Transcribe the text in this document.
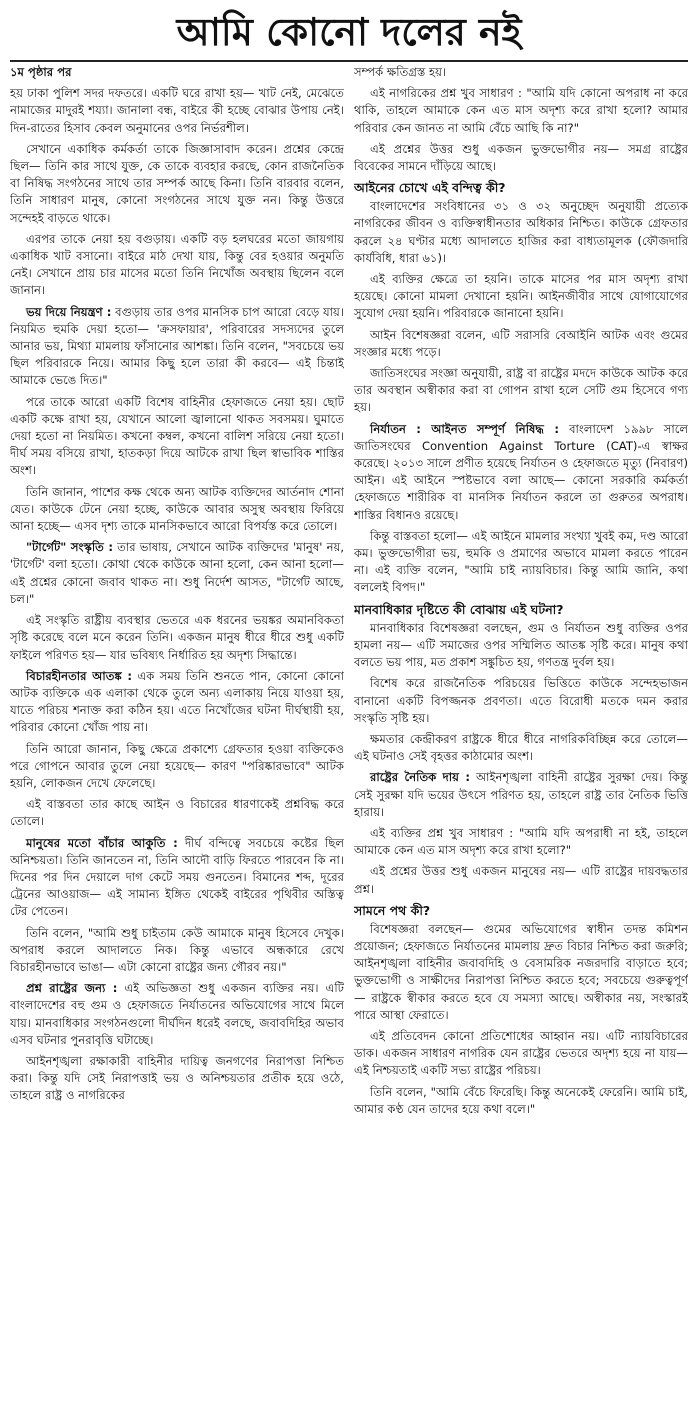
আমি কোনো দলের নই

১ম পৃষ্ঠার পর

হয় ঢাকা পুলিশ সদর দফতরে। একটি ঘরে রাখা হয়— খাট নেই, মেঝেতে নামাজের মাদুরই শয্যা। জানালা বন্ধ, বাইরে কী হচ্ছে বোঝার উপায় নেই। দিন-রাতের হিসাব কেবল অনুমানের ওপর নির্ভরশীল।

সেখানে একাধিক কর্মকর্তা তাকে জিজ্ঞাসাবাদ করেন। প্রশ্নের কেন্দ্রে ছিল— তিনি কার সাথে যুক্ত, কে তাকে ব্যবহার করছে, কোন রাজনৈতিক বা নিষিদ্ধ সংগঠনের সাথে তার সম্পর্ক আছে কিনা। তিনি বারবার বলেন, তিনি সাধারণ মানুষ, কোনো সংগঠনের সাথে যুক্ত নন। কিন্তু উত্তরে সন্দেহই বাড়তে থাকে।

এরপর তাকে নেয়া হয় বগুড়ায়। একটি বড় হলঘরের মতো জায়গায় একাধিক খাট বসানো। বাইরে মাঠ দেখা যায়, কিন্তু বের হওয়ার অনুমতি নেই। সেখানে প্রায় চার মাসের মতো তিনি নিখোঁজ অবস্থায় ছিলেন বলে জানান।

ভয় দিয়ে নিয়ন্ত্রণ : বগুড়ায় তার ওপর মানসিক চাপ আরো বেড়ে যায়। নিয়মিত হুমকি দেয়া হতো— 'ক্রসফায়ার', পরিবারের সদস্যদের তুলে আনার ভয়, মিথ্যা মামলায় ফাঁসানোর আশঙ্কা। তিনি বলেন, "সবচেয়ে ভয় ছিল পরিবারকে নিয়ে। আমার কিছু হলে তারা কী করবে— এই চিন্তাই আমাকে ভেঙে দিত।"

পরে তাকে আরো একটি বিশেষ বাহিনীর হেফাজতে নেয়া হয়। ছোট একটি কক্ষে রাখা হয়, যেখানে আলো জ্বালানো থাকত সবসময়। ঘুমাতে দেয়া হতো না নিয়মিত। কখনো কম্বল, কখনো বালিশ সরিয়ে নেয়া হতো। দীর্ঘ সময় বসিয়ে রাখা, হাতকড়া দিয়ে আটকে রাখা ছিল স্বাভাবিক শাস্তির অংশ।

তিনি জানান, পাশের কক্ষ থেকে অন্য আটক ব্যক্তিদের আর্তনাদ শোনা যেত। কাউকে টেনে নেয়া হচ্ছে, কাউকে আবার অসুস্থ অবস্থায় ফিরিয়ে আনা হচ্ছে— এসব দৃশ্য তাকে মানসিকভাবে আরো বিপর্যস্ত করে তোলে।

"টার্গেট" সংস্কৃতি : তার ভাষায়, সেখানে আটক ব্যক্তিদের 'মানুষ' নয়, 'টার্গেট' বলা হতো। কোথা থেকে কাউকে আনা হলো, কেন আনা হলো— এই প্রশ্নের কোনো জবাব থাকত না। শুধু নির্দেশ আসত, "টার্গেট আছে, চল।"

এই সংস্কৃতি রাষ্ট্রীয় ব্যবস্থার ভেতরে এক ধরনের ভয়ঙ্কর অমানবিকতা সৃষ্টি করেছে বলে মনে করেন তিনি। একজন মানুষ ধীরে ধীরে শুধু একটি ফাইলে পরিণত হয়— যার ভবিষ্যৎ নির্ধারিত হয় অদৃশ্য সিদ্ধান্তে।

বিচারহীনতার আতঙ্ক : এক সময় তিনি শুনতে পান, কোনো কোনো আটক ব্যক্তিকে এক এলাকা থেকে তুলে অন্য এলাকায় নিয়ে যাওয়া হয়, যাতে পরিচয় শনাক্ত করা কঠিন হয়। এতে নিখোঁজের ঘটনা দীর্ঘস্থায়ী হয়, পরিবার কোনো খোঁজ পায় না।

তিনি আরো জানান, কিছু ক্ষেত্রে প্রকাশ্যে গ্রেফতার হওয়া ব্যক্তিকেও পরে গোপনে আবার তুলে নেয়া হয়েছে— কারণ "পরিষ্কারভাবে" আটক হয়নি, লোকজন দেখে ফেলেছে।

এই বাস্তবতা তার কাছে আইন ও বিচারের ধারণাকেই প্রশ্নবিদ্ধ করে তোলে।

মানুষের মতো বাঁচার আকুতি : দীর্ঘ বন্দিত্বে সবচেয়ে কষ্টের ছিল অনিশ্চয়তা। তিনি জানতেন না, তিনি আদৌ বাড়ি ফিরতে পারবেন কি না। দিনের পর দিন দেয়ালে দাগ কেটে সময় গুনতেন। বিমানের শব্দ, দূরের ট্রেনের আওয়াজ— এই সামান্য ইঙ্গিত থেকেই বাইরের পৃথিবীর অস্তিত্ব টের পেতেন।

তিনি বলেন, "আমি শুধু চাইতাম কেউ আমাকে মানুষ হিসেবে দেখুক। অপরাধ করলে আদালতে নিক। কিন্তু এভাবে অন্ধকারে রেখে বিচারহীনভাবে ভাঙা— এটা কোনো রাষ্ট্রের জন্য গৌরব নয়।"

প্রশ্ন রাষ্ট্রের জন্য : এই অভিজ্ঞতা শুধু একজন ব্যক্তির নয়। এটি বাংলাদেশের বহু গুম ও হেফাজতে নির্যাতনের অভিযোগের সাথে মিলে যায়। মানবাধিকার সংগঠনগুলো দীর্ঘদিন ধরেই বলছে, জবাবদিহির অভাব এসব ঘটনার পুনরাবৃত্তি ঘটাচ্ছে।

আইনশৃঙ্খলা রক্ষাকারী বাহিনীর দায়িত্ব জনগণের নিরাপত্তা নিশ্চিত করা। কিন্তু যদি সেই নিরাপত্তাই ভয় ও অনিশ্চয়তার প্রতীক হয়ে ওঠে, তাহলে রাষ্ট্র ও নাগরিকের

সম্পর্ক ক্ষতিগ্রস্ত হয়।

এই নাগরিকের প্রশ্ন খুব সাধারণ : "আমি যদি কোনো অপরাধ না করে থাকি, তাহলে আমাকে কেন এত মাস অদৃশ্য করে রাখা হলো? আমার পরিবার কেন জানত না আমি বেঁচে আছি কি না?"

এই প্রশ্নের উত্তর শুধু একজন ভুক্তভোগীর নয়— সমগ্র রাষ্ট্রের বিবেকের সামনে দাঁড়িয়ে আছে।

আইনের চোখে এই বন্দিত্ব কী?

বাংলাদেশের সংবিধানের ৩১ ও ৩২ অনুচ্ছেদ অনুযায়ী প্রত্যেক নাগরিকের জীবন ও ব্যক্তিস্বাধীনতার অধিকার নিশ্চিত। কাউকে গ্রেফতার করলে ২৪ ঘণ্টার মধ্যে আদালতে হাজির করা বাধ্যতামূলক (ফৌজদারি কার্যবিধি, ধারা ৬১)।

এই ব্যক্তির ক্ষেত্রে তা হয়নি। তাকে মাসের পর মাস অদৃশ্য রাখা হয়েছে। কোনো মামলা দেখানো হয়নি। আইনজীবীর সাথে যোগাযোগের সুযোগ দেয়া হয়নি। পরিবারকে জানানো হয়নি।

আইন বিশেষজ্ঞরা বলেন, এটি সরাসরি বেআইনি আটক এবং গুমের সংজ্ঞার মধ্যে পড়ে।

জাতিসংঘের সংজ্ঞা অনুযায়ী, রাষ্ট্র বা রাষ্ট্রের মদদে কাউকে আটক করে তার অবস্থান অস্বীকার করা বা গোপন রাখা হলে সেটি গুম হিসেবে গণ্য হয়।

নির্যাতন : আইনত সম্পূর্ণ নিষিদ্ধ : বাংলাদেশ ১৯৯৮ সালে জাতিসংঘের Convention Against Torture (CAT)-এ স্বাক্ষর করেছে। ২০১৩ সালে প্রণীত হয়েছে নির্যাতন ও হেফাজতে মৃত্যু (নিবারণ) আইন। এই আইনে স্পষ্টভাবে বলা আছে— কোনো সরকারি কর্মকর্তা হেফাজতে শারীরিক বা মানসিক নির্যাতন করলে তা গুরুতর অপরাধ। শাস্তির বিধানও রয়েছে।

কিন্তু বাস্তবতা হলো— এই আইনে মামলার সংখ্যা খুবই কম, দণ্ড আরো কম। ভুক্তভোগীরা ভয়, হুমকি ও প্রমাণের অভাবে মামলা করতে পারেন না। এই ব্যক্তি বলেন, "আমি চাই ন্যায়বিচার। কিন্তু আমি জানি, কথা বললেই বিপদ।"

মানবাধিকার দৃষ্টিতে কী বোঝায় এই ঘটনা?

মানবাধিকার বিশেষজ্ঞরা বলছেন, গুম ও নির্যাতন শুধু ব্যক্তির ওপর হামলা নয়— এটি সমাজের ওপর সম্মিলিত আতঙ্ক সৃষ্টি করে। মানুষ কথা বলতে ভয় পায়, মত প্রকাশ সঙ্কুচিত হয়, গণতন্ত্র দুর্বল হয়।

বিশেষ করে রাজনৈতিক পরিচয়ের ভিত্তিতে কাউকে সন্দেহভাজন বানানো একটি বিপজ্জনক প্রবণতা। এতে বিরোধী মতকে দমন করার সংস্কৃতি সৃষ্টি হয়।

ক্ষমতার কেন্দ্রীকরণ রাষ্ট্রকে ধীরে ধীরে নাগরিকবিচ্ছিন্ন করে তোলে— এই ঘটনাও সেই বৃহত্তর কাঠামোর অংশ।

রাষ্ট্রের নৈতিক দায় : আইনশৃঙ্খলা বাহিনী রাষ্ট্রের সুরক্ষা দেয়। কিন্তু সেই সুরক্ষা যদি ভয়ের উৎসে পরিণত হয়, তাহলে রাষ্ট্র তার নৈতিক ভিত্তি হারায়।

এই ব্যক্তির প্রশ্ন খুব সাধারণ : "আমি যদি অপরাধী না হই, তাহলে আমাকে কেন এত মাস অদৃশ্য করে রাখা হলো?"

এই প্রশ্নের উত্তর শুধু একজন মানুষের নয়— এটি রাষ্ট্রের দায়বদ্ধতার প্রশ্ন।

সামনে পথ কী?

বিশেষজ্ঞরা বলছেন— গুমের অভিযোগের স্বাধীন তদন্ত কমিশন প্রয়োজন; হেফাজতে নির্যাতনের মামলায় দ্রুত বিচার নিশ্চিত করা জরুরি; আইনশৃঙ্খলা বাহিনীর জবাবদিহি ও বেসামরিক নজরদারি বাড়াতে হবে; ভুক্তভোগী ও সাক্ষীদের নিরাপত্তা নিশ্চিত করতে হবে; সবচেয়ে গুরুত্বপূর্ণ— রাষ্ট্রকে স্বীকার করতে হবে যে সমস্যা আছে। অস্বীকার নয়, সংস্কারই পারে আস্থা ফেরাতে।

এই প্রতিবেদন কোনো প্রতিশোধের আহ্বান নয়। এটি ন্যায়বিচারের ডাক। একজন সাধারণ নাগরিক যেন রাষ্ট্রের ভেতরে অদৃশ্য হয়ে না যায়— এই নিশ্চয়তাই একটি সভ্য রাষ্ট্রের পরিচয়।

তিনি বলেন, "আমি বেঁচে ফিরেছি। কিন্তু অনেকেই ফেরেনি। আমি চাই, আমার কণ্ঠ যেন তাদের হয়ে কথা বলে।"
